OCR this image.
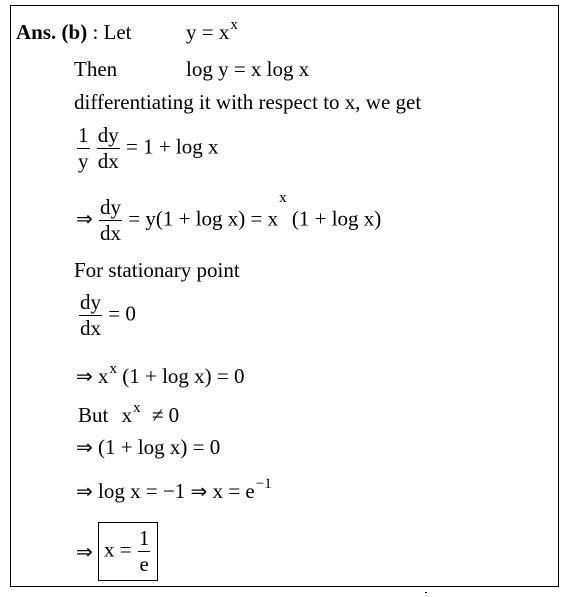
Ans. (b) : Let	$y = x^x$
Then	log y = x log x
differentiating it with respect to x, we get
$\frac{1}{y}$
$\frac{dy}{dx} = 1 + \log x$
⇒ $\frac{dy}{dx} = y(1 + \log x) = x^x$ (1 + log x)
For stationary point
$\frac{dy}{dx} = 0$
⇒ $x^x$ (1 + log x) = 0
But $x^x \ne 0$
⇒ (1 + log x) = 0
⇒ log x = −1 ⇒ $x = e^{-1}$
⇒ $x = \frac{1}{e}$
